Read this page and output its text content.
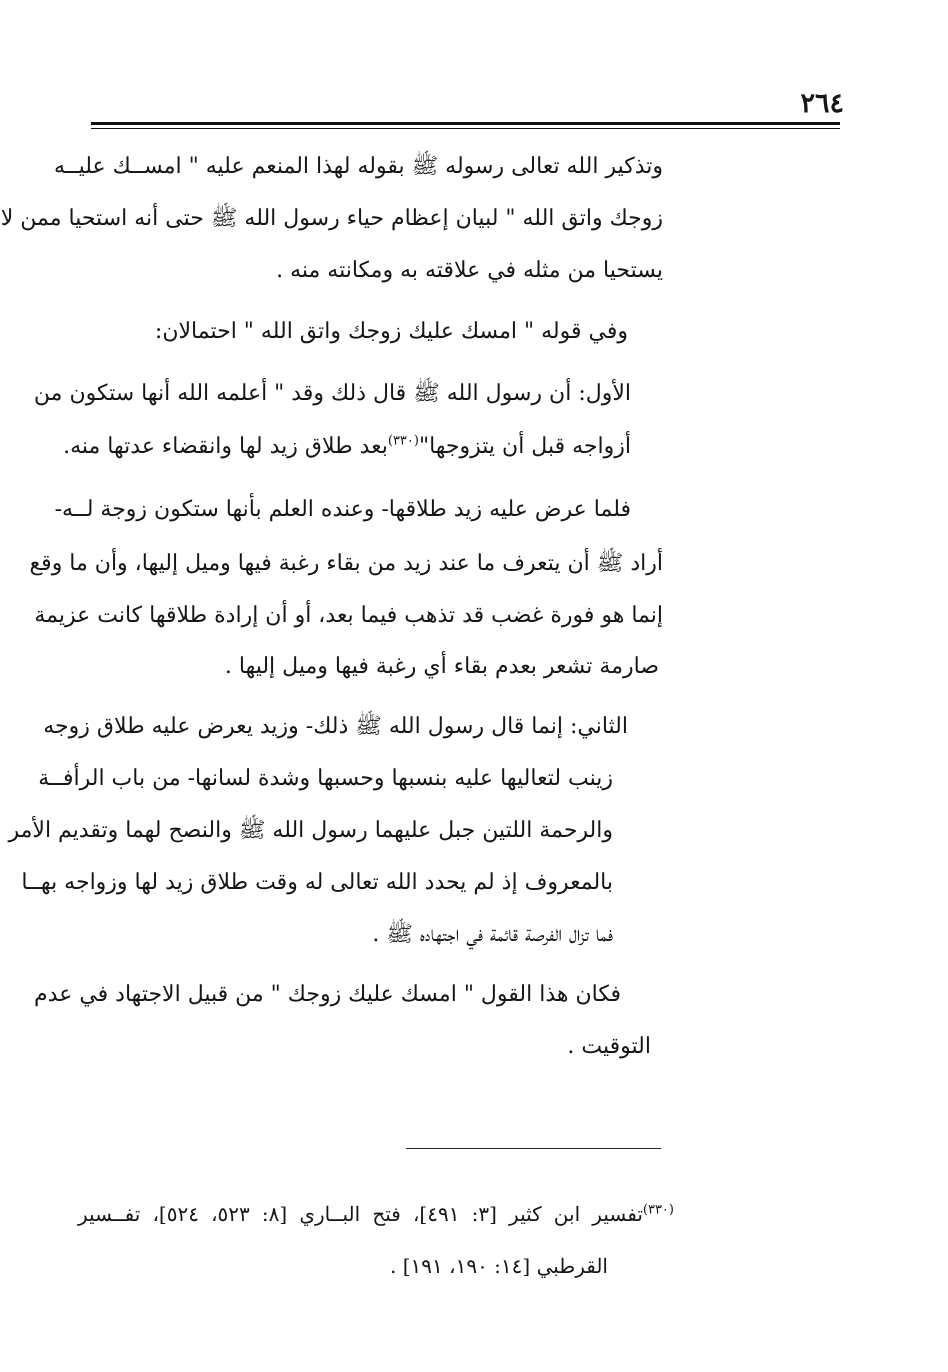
٢٦٤
وتذكير الله تعالى رسوله ﷺ بقوله لهذا المنعم عليه " امســك عليــه
زوجك واتق الله " لبيان إعظام حياء رسول الله ﷺ حتى أنه استحيا ممن لا
يستحيا من مثله في علاقته به ومكانته منه .
وفي قوله " امسك عليك زوجك واتق الله " احتمالان:
الأول: أن رسول الله ﷺ قال ذلك وقد " أعلمه الله أنها ستكون من
أزواجه قبل أن يتزوجها"$^{(٣٣٠)}$بعد طلاق زيد لها وانقضاء عدتها منه.
فلما عرض عليه زيد طلاقها- وعنده العلم بأنها ستكون زوجة لــه-
أراد ﷺ أن يتعرف ما عند زيد من بقاء رغبة فيها وميل إليها، وأن ما وقع
إنما هو فورة غضب قد تذهب فيما بعد، أو أن إرادة طلاقها كانت عزيمة
صارمة تشعر بعدم بقاء أي رغبة فيها وميل إليها .
الثاني: إنما قال رسول الله ﷺ ذلك- وزيد يعرض عليه طلاق زوجه
زينب لتعاليها عليه بنسبها وحسبها وشدة لسانها- من باب الرأفــة
والرحمة اللتين جبل عليهما رسول الله ﷺ والنصح لهما وتقديم الأمر
بالمعروف إذ لم يحدد الله تعالى له وقت طلاق زيد لها وزواجه بهــا
فما تزال الفرصة قائمة في اجتهاده ﷺ .
فكان هذا القول " امسك عليك زوجك " من قبيل الاجتهاد في عدم
التوقيت .
$^{(٣٣٠)}$تفسير ابن كثير [٣: ٤٩١]، فتح البــاري [٨: ٥٢٣، ٥٢٤]، تفــسير
القرطبي [١٤: ١٩٠، ١٩١] .
